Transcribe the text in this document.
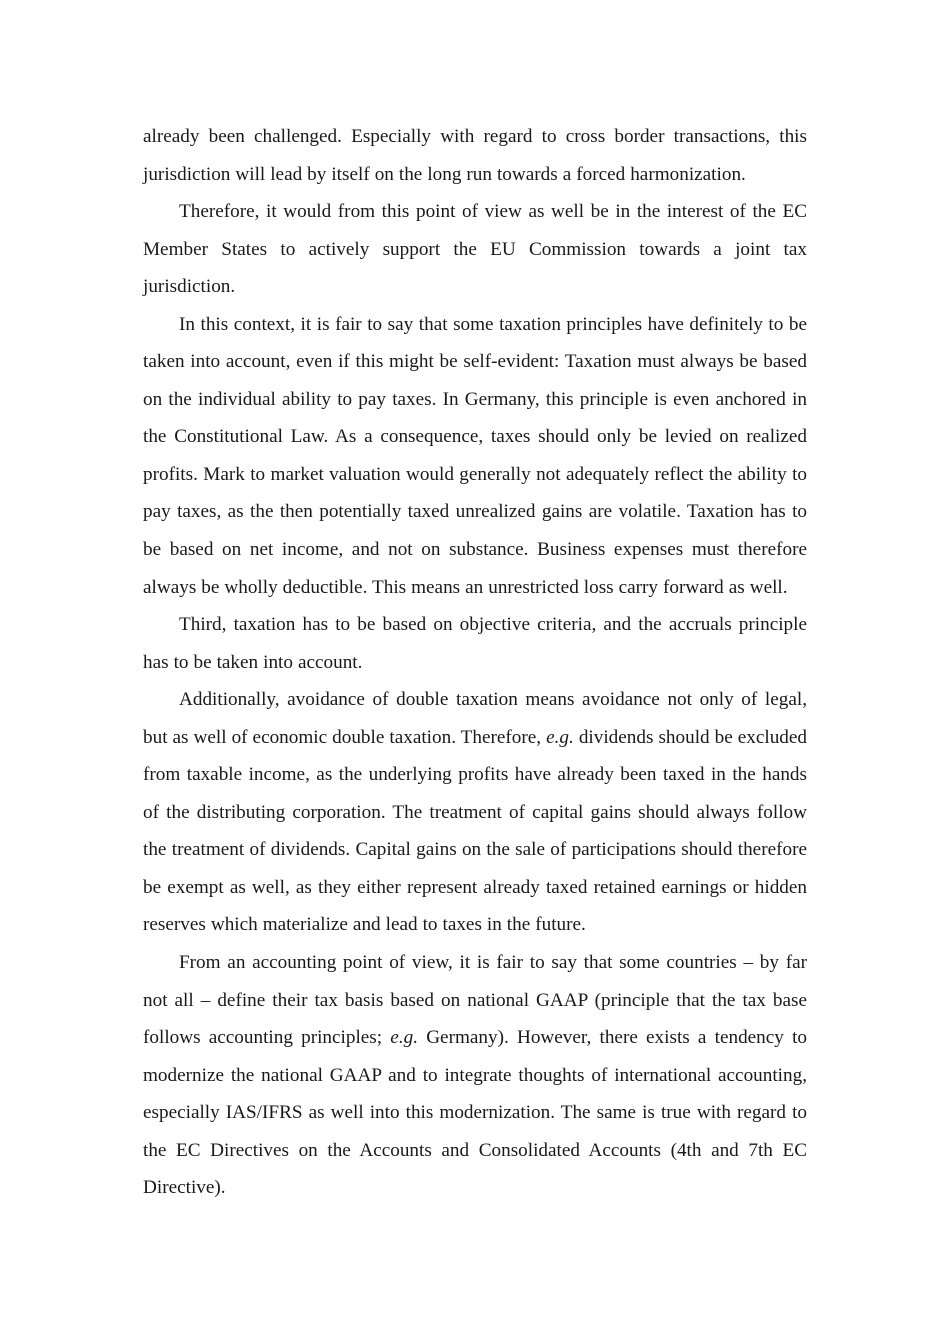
already been challenged. Especially with regard to cross border transactions, this jurisdiction will lead by itself on the long run towards a forced harmonization.

Therefore, it would from this point of view as well be in the interest of the EC Member States to actively support the EU Commission towards a joint tax jurisdiction.

In this context, it is fair to say that some taxation principles have definitely to be taken into account, even if this might be self-evident: Taxation must always be based on the individual ability to pay taxes. In Germany, this principle is even anchored in the Constitutional Law. As a consequence, taxes should only be levied on realized profits. Mark to market valuation would generally not adequately reflect the ability to pay taxes, as the then potentially taxed unrealized gains are volatile. Taxation has to be based on net income, and not on substance. Business expenses must therefore always be wholly deductible. This means an unrestricted loss carry forward as well.

Third, taxation has to be based on objective criteria, and the accruals principle has to be taken into account.

Additionally, avoidance of double taxation means avoidance not only of legal, but as well of economic double taxation. Therefore, e.g. dividends should be excluded from taxable income, as the underlying profits have already been taxed in the hands of the distributing corporation. The treatment of capital gains should always follow the treatment of dividends. Capital gains on the sale of participations should therefore be exempt as well, as they either represent already taxed retained earnings or hidden reserves which materialize and lead to taxes in the future.

From an accounting point of view, it is fair to say that some countries – by far not all – define their tax basis based on national GAAP (principle that the tax base follows accounting principles; e.g. Germany). However, there exists a tendency to modernize the national GAAP and to integrate thoughts of international accounting, especially IAS/IFRS as well into this modernization. The same is true with regard to the EC Directives on the Accounts and Consolidated Accounts (4th and 7th EC Directive).
